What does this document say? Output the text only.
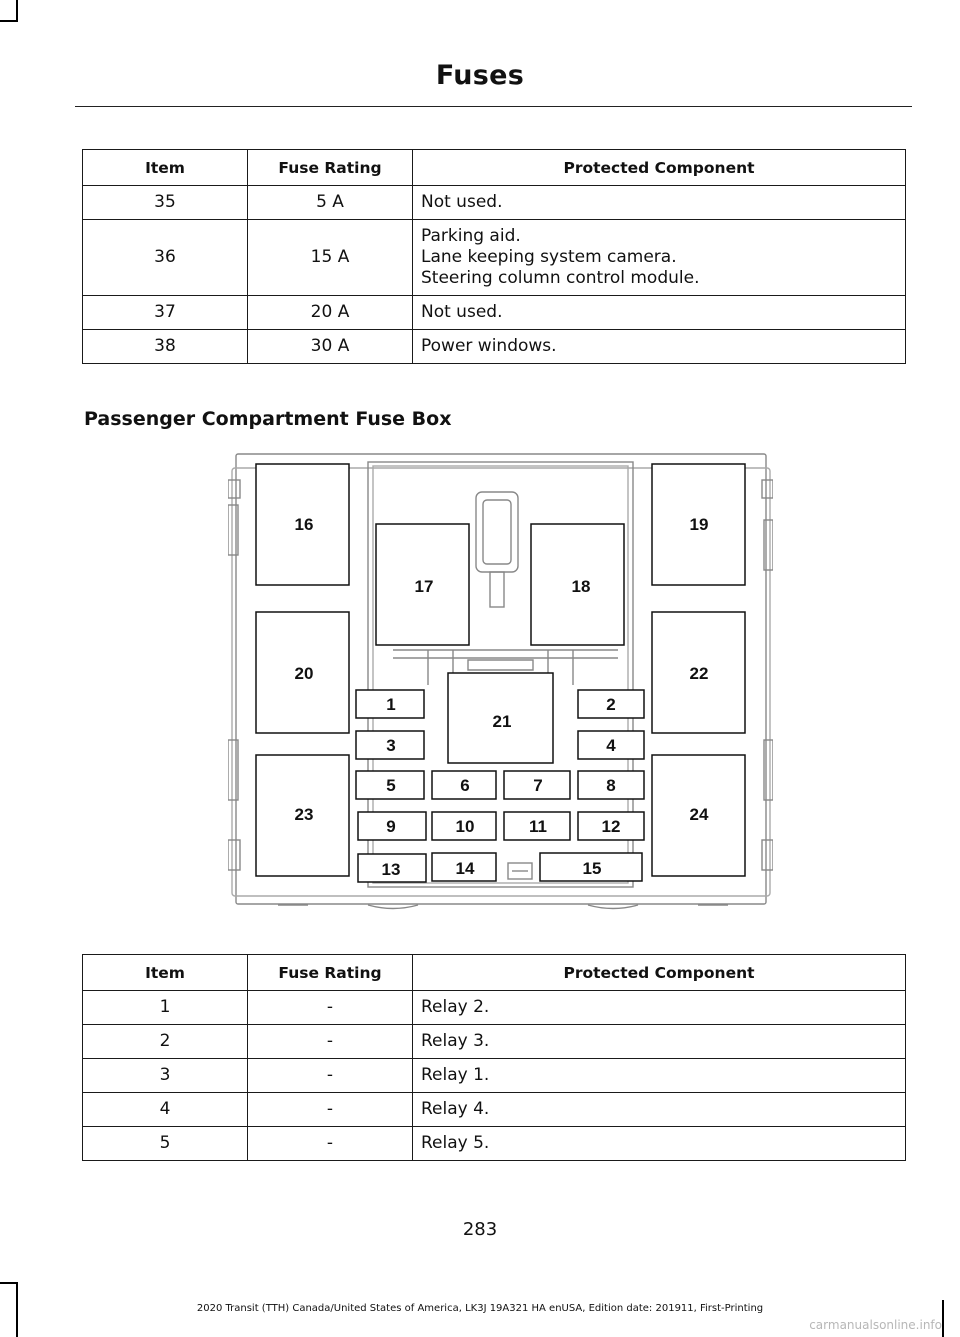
Fuses
Item	Fuse Rating	Protected Component
35	5 A	Not used.

36	15 A	Parking aid.
Lane keeping system camera.
Steering column control module.

37	20 A	Not used.

38	30 A	Power windows.
Passenger Compartment Fuse Box
16	19
17	18
20	22
21
23	24
1	2
3	4
5	6	7	8
9	10	11	12
13	14	15
Item	Fuse Rating	Protected Component
1	-	Relay 2.

2	-	Relay 3.

3	-	Relay 1.

4	-	Relay 4.

5	-	Relay 5.
283
2020 Transit (TTH) Canada/United States of America, LK3J 19A321 HA enUSA, Edition date: 201911, First-Printing
carmanualsonline.info
